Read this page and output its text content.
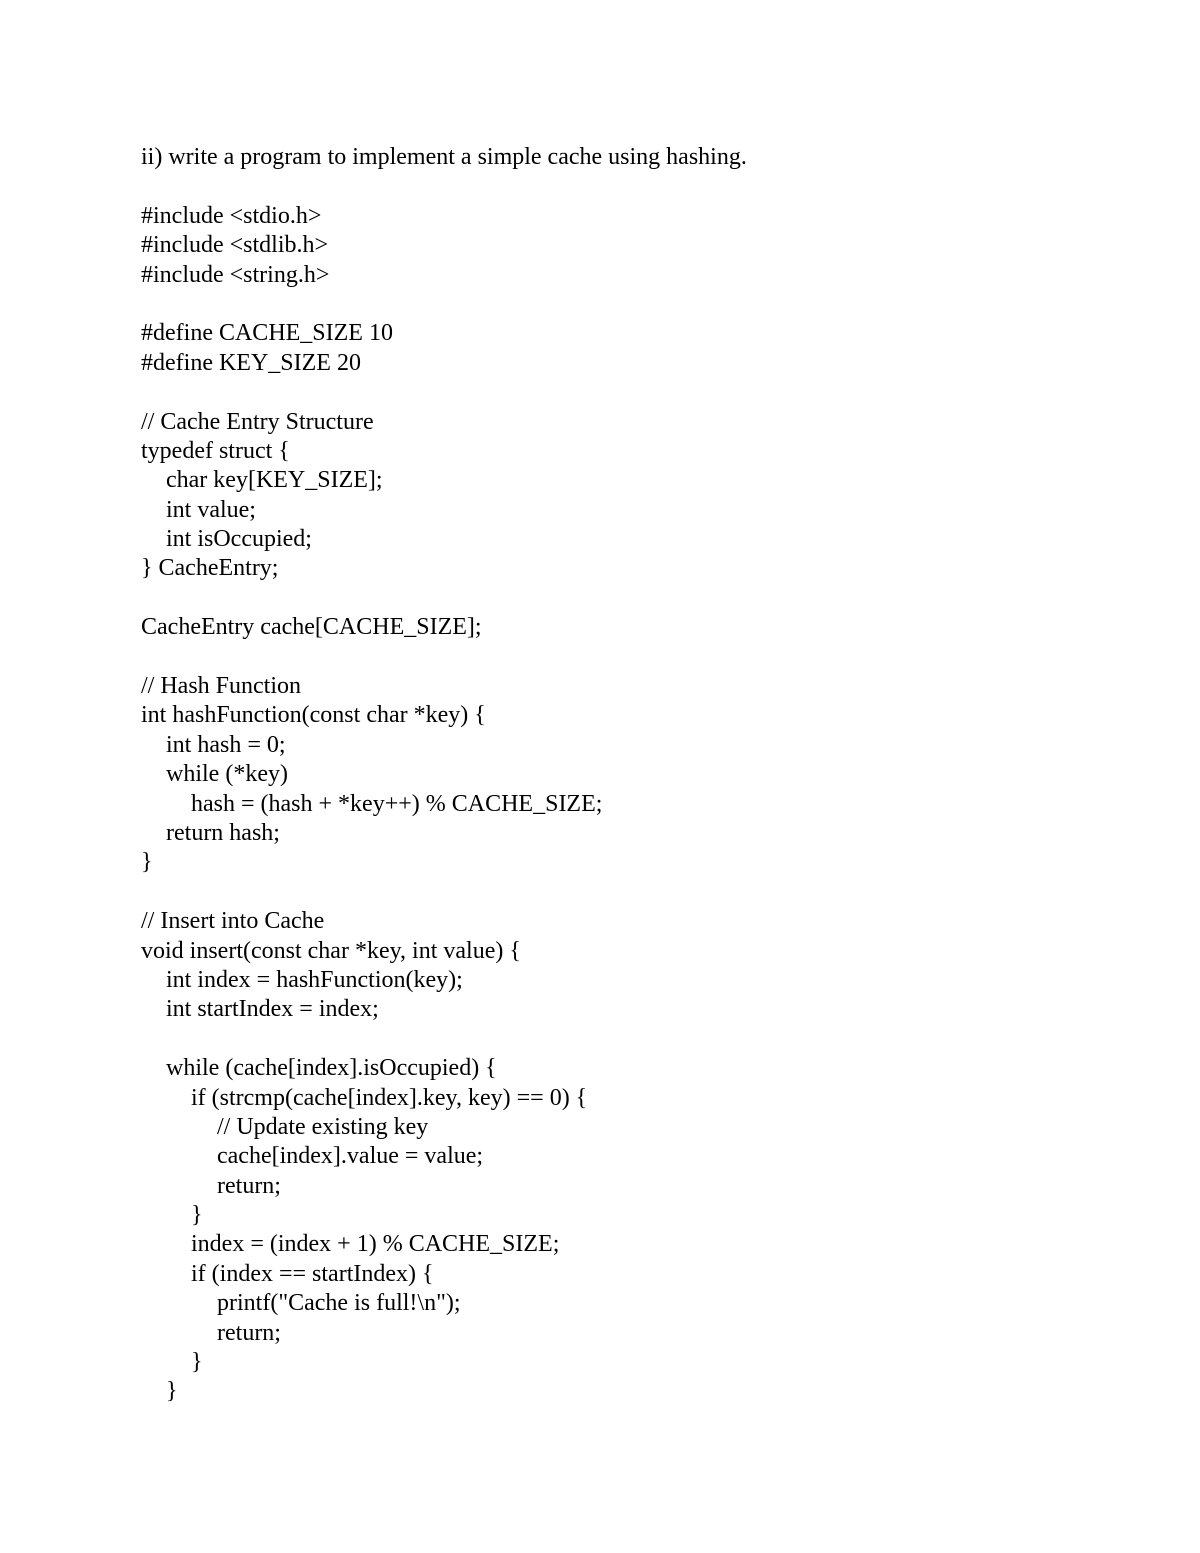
ii) write a program to implement a simple cache using hashing.
#include <stdio.h>
#include <stdlib.h>
#include <string.h>
#define CACHE_SIZE 10
#define KEY_SIZE 20
// Cache Entry Structure
typedef struct {
char key[KEY_SIZE];
int value;
int isOccupied;
} CacheEntry;
CacheEntry cache[CACHE_SIZE];
// Hash Function
int hashFunction(const char *key) {
int hash = 0;
while (*key)
hash = (hash + *key++) % CACHE_SIZE;
return hash;
}
// Insert into Cache
void insert(const char *key, int value) {
int index = hashFunction(key);
int startIndex = index;
while (cache[index].isOccupied) {
if (strcmp(cache[index].key, key) == 0) {
// Update existing key
cache[index].value = value;
return;
}
index = (index + 1) % CACHE_SIZE;
if (index == startIndex) {
printf("Cache is full!\n");
return;
}
}
